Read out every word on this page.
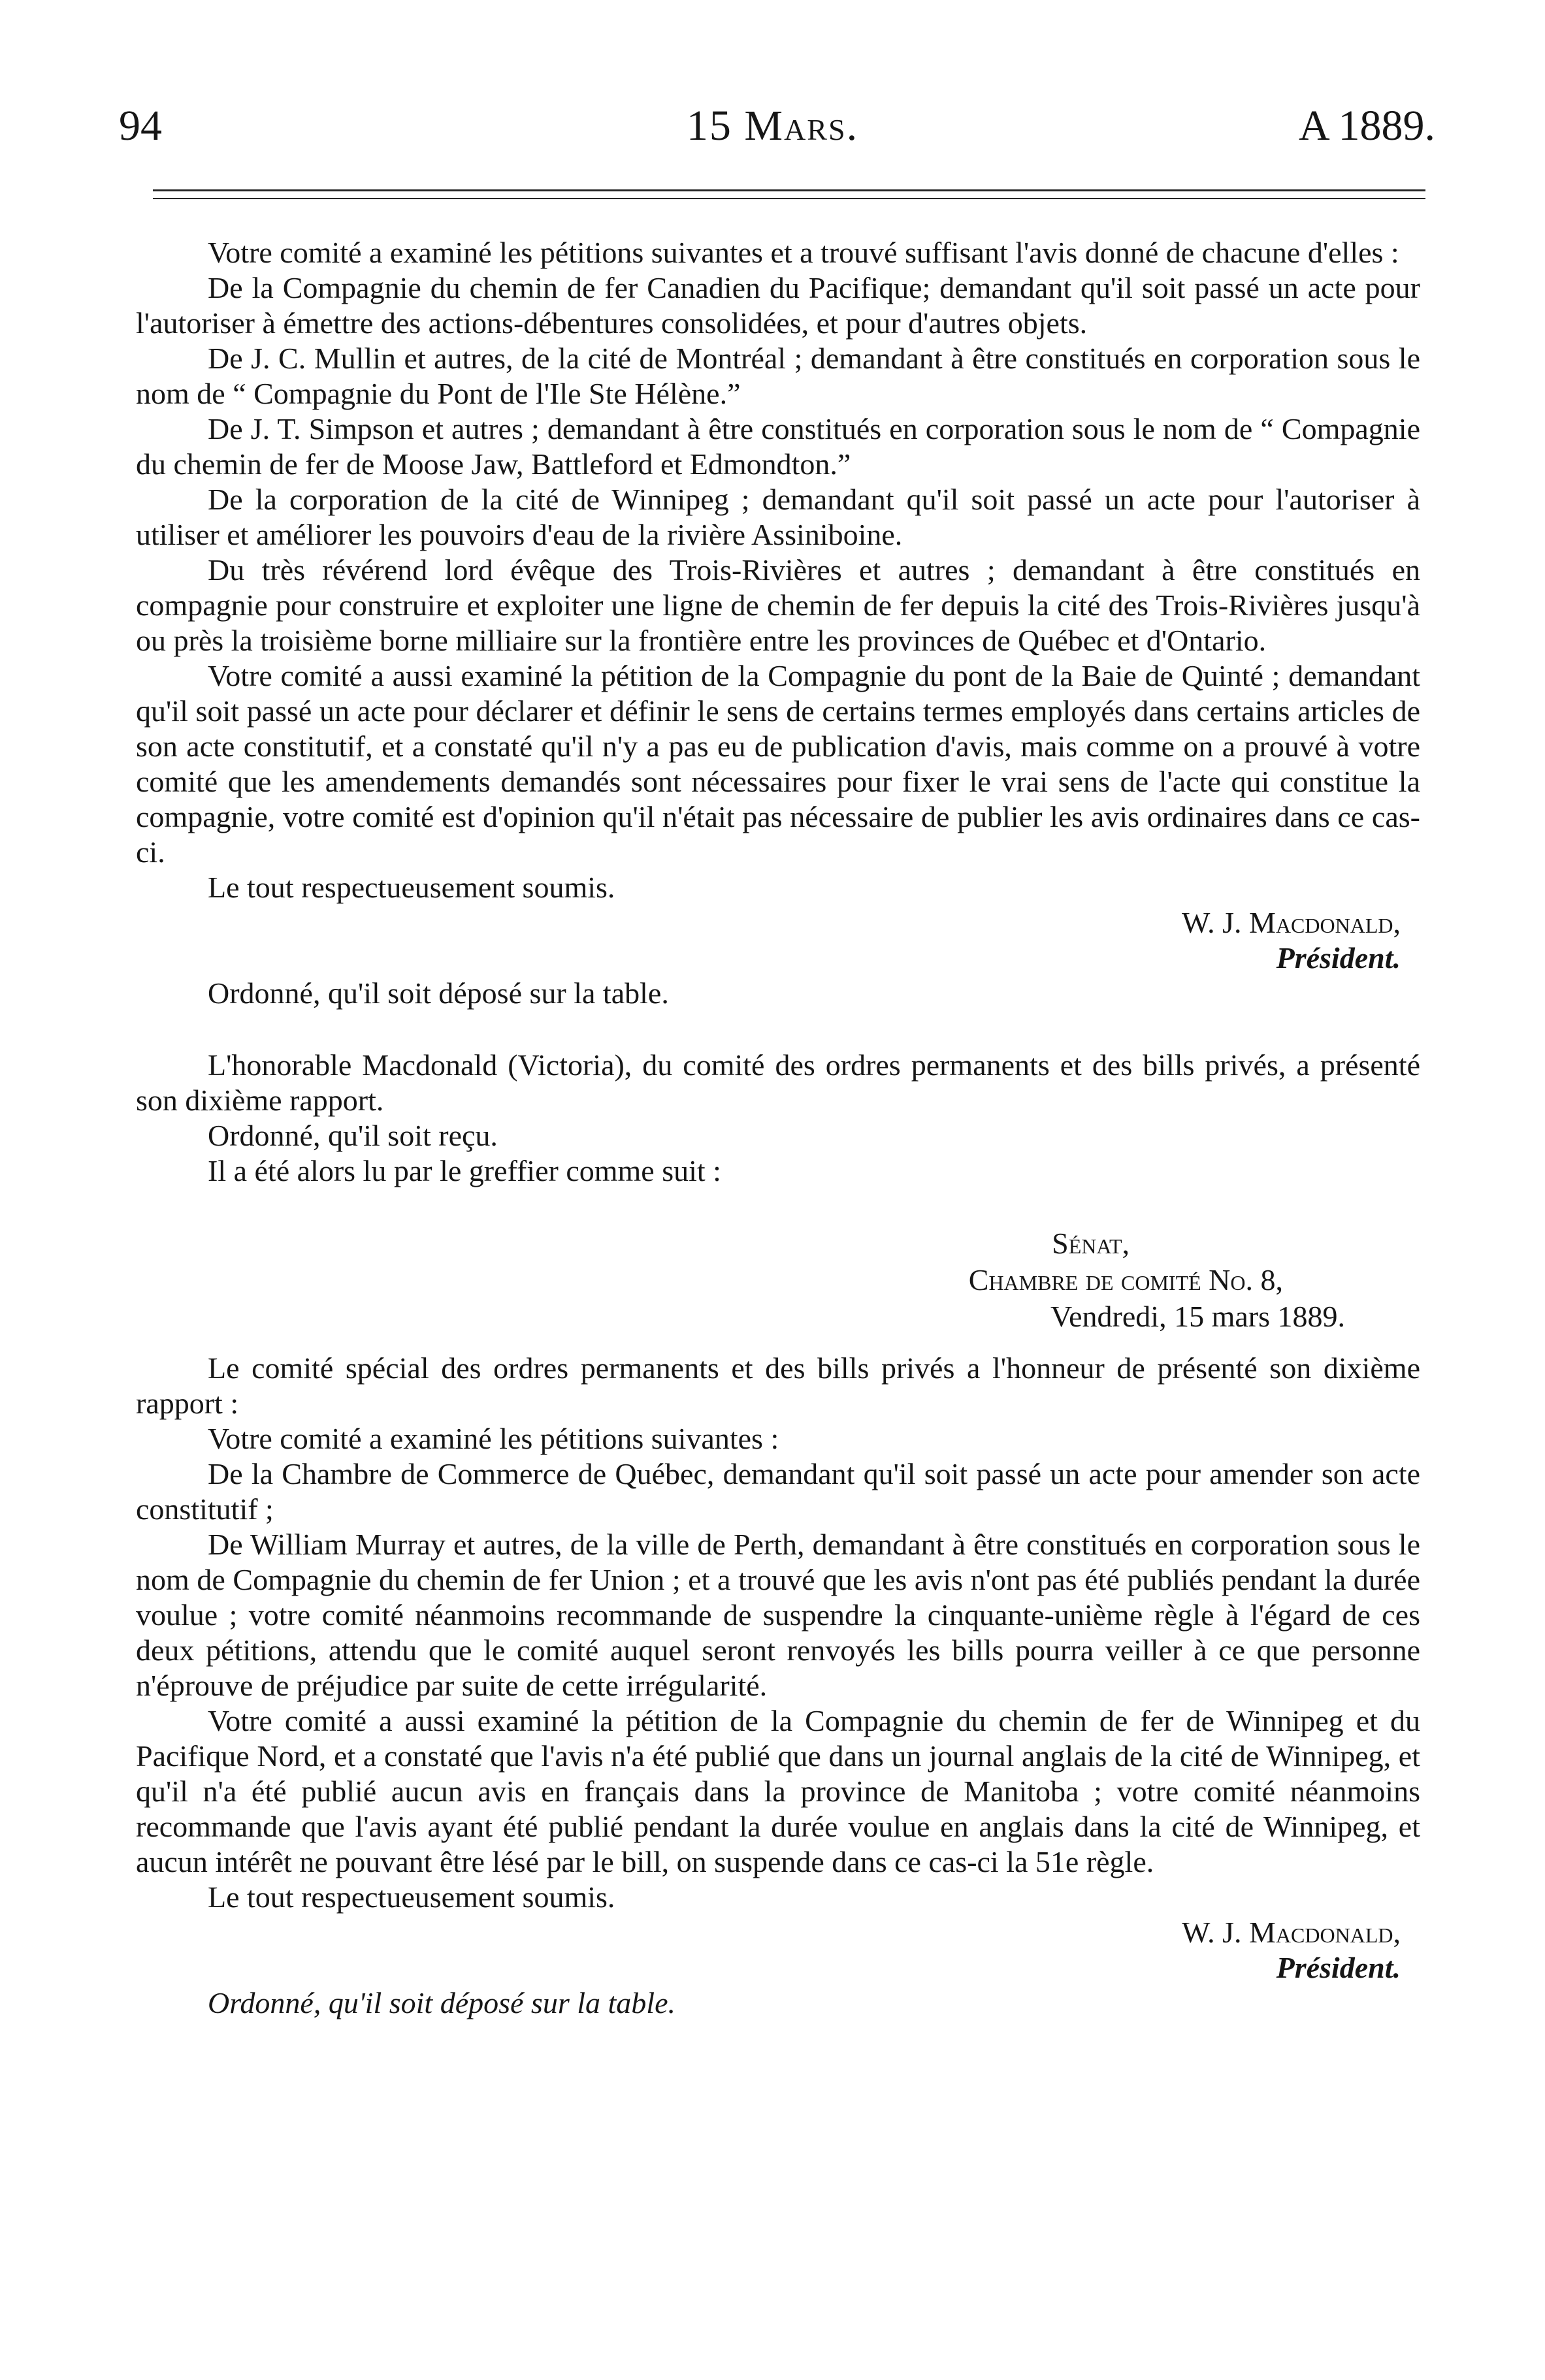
94	15 Mars.	A 1889.

Votre comité a examiné les pétitions suivantes et a trouvé suffisant l'avis donné de chacune d'elles :

De la Compagnie du chemin de fer Canadien du Pacifique; demandant qu'il soit passé un acte pour l'autoriser à émettre des actions-débentures consolidées, et pour d'autres objets.

De J. C. Mullin et autres, de la cité de Montréal ; demandant à être constitués en corporation sous le nom de “ Compagnie du Pont de l'Ile Ste Hélène.”

De J. T. Simpson et autres ; demandant à être constitués en corporation sous le nom de “ Compagnie du chemin de fer de Moose Jaw, Battleford et Edmondton.”

De la corporation de la cité de Winnipeg ; demandant qu'il soit passé un acte pour l'autoriser à utiliser et améliorer les pouvoirs d'eau de la rivière Assiniboine.

Du très révérend lord évêque des Trois-Rivières et autres ; demandant à être constitués en compagnie pour construire et exploiter une ligne de chemin de fer depuis la cité des Trois-Rivières jusqu'à ou près la troisième borne milliaire sur la frontière entre les provinces de Québec et d'Ontario.

Votre comité a aussi examiné la pétition de la Compagnie du pont de la Baie de Quinté ; demandant qu'il soit passé un acte pour déclarer et définir le sens de certains termes employés dans certains articles de son acte constitutif, et a constaté qu'il n'y a pas eu de publication d'avis, mais comme on a prouvé à votre comité que les amendements demandés sont nécessaires pour fixer le vrai sens de l'acte qui constitue la compagnie, votre comité est d'opinion qu'il n'était pas nécessaire de publier les avis ordinaires dans ce cas-ci.

Le tout respectueusement soumis.

W. J. Macdonald,

Président.

Ordonné, qu'il soit déposé sur la table.

L'honorable Macdonald (Victoria), du comité des ordres permanents et des bills privés, a présenté son dixième rapport.

Ordonné, qu'il soit reçu.

Il a été alors lu par le greffier comme suit :

Sénat,
Chambre de comité No. 8,
Vendredi, 15 mars 1889.

Le comité spécial des ordres permanents et des bills privés a l'honneur de présenté son dixième rapport :

Votre comité a examiné les pétitions suivantes :

De la Chambre de Commerce de Québec, demandant qu'il soit passé un acte pour amender son acte constitutif ;

De William Murray et autres, de la ville de Perth, demandant à être constitués en corporation sous le nom de Compagnie du chemin de fer Union ; et a trouvé que les avis n'ont pas été publiés pendant la durée voulue ; votre comité néanmoins recommande de suspendre la cinquante-unième règle à l'égard de ces deux pétitions, attendu que le comité auquel seront renvoyés les bills pourra veiller à ce que personne n'éprouve de préjudice par suite de cette irrégularité.

Votre comité a aussi examiné la pétition de la Compagnie du chemin de fer de Winnipeg et du Pacifique Nord, et a constaté que l'avis n'a été publié que dans un journal anglais de la cité de Winnipeg, et qu'il n'a été publié aucun avis en français dans la province de Manitoba ; votre comité néanmoins recommande que l'avis ayant été publié pendant la durée voulue en anglais dans la cité de Winnipeg, et aucun intérêt ne pouvant être lésé par le bill, on suspende dans ce cas-ci la 51e règle.

Le tout respectueusement soumis.

W. J. Macdonald,

Président.

Ordonné, qu'il soit déposé sur la table.
